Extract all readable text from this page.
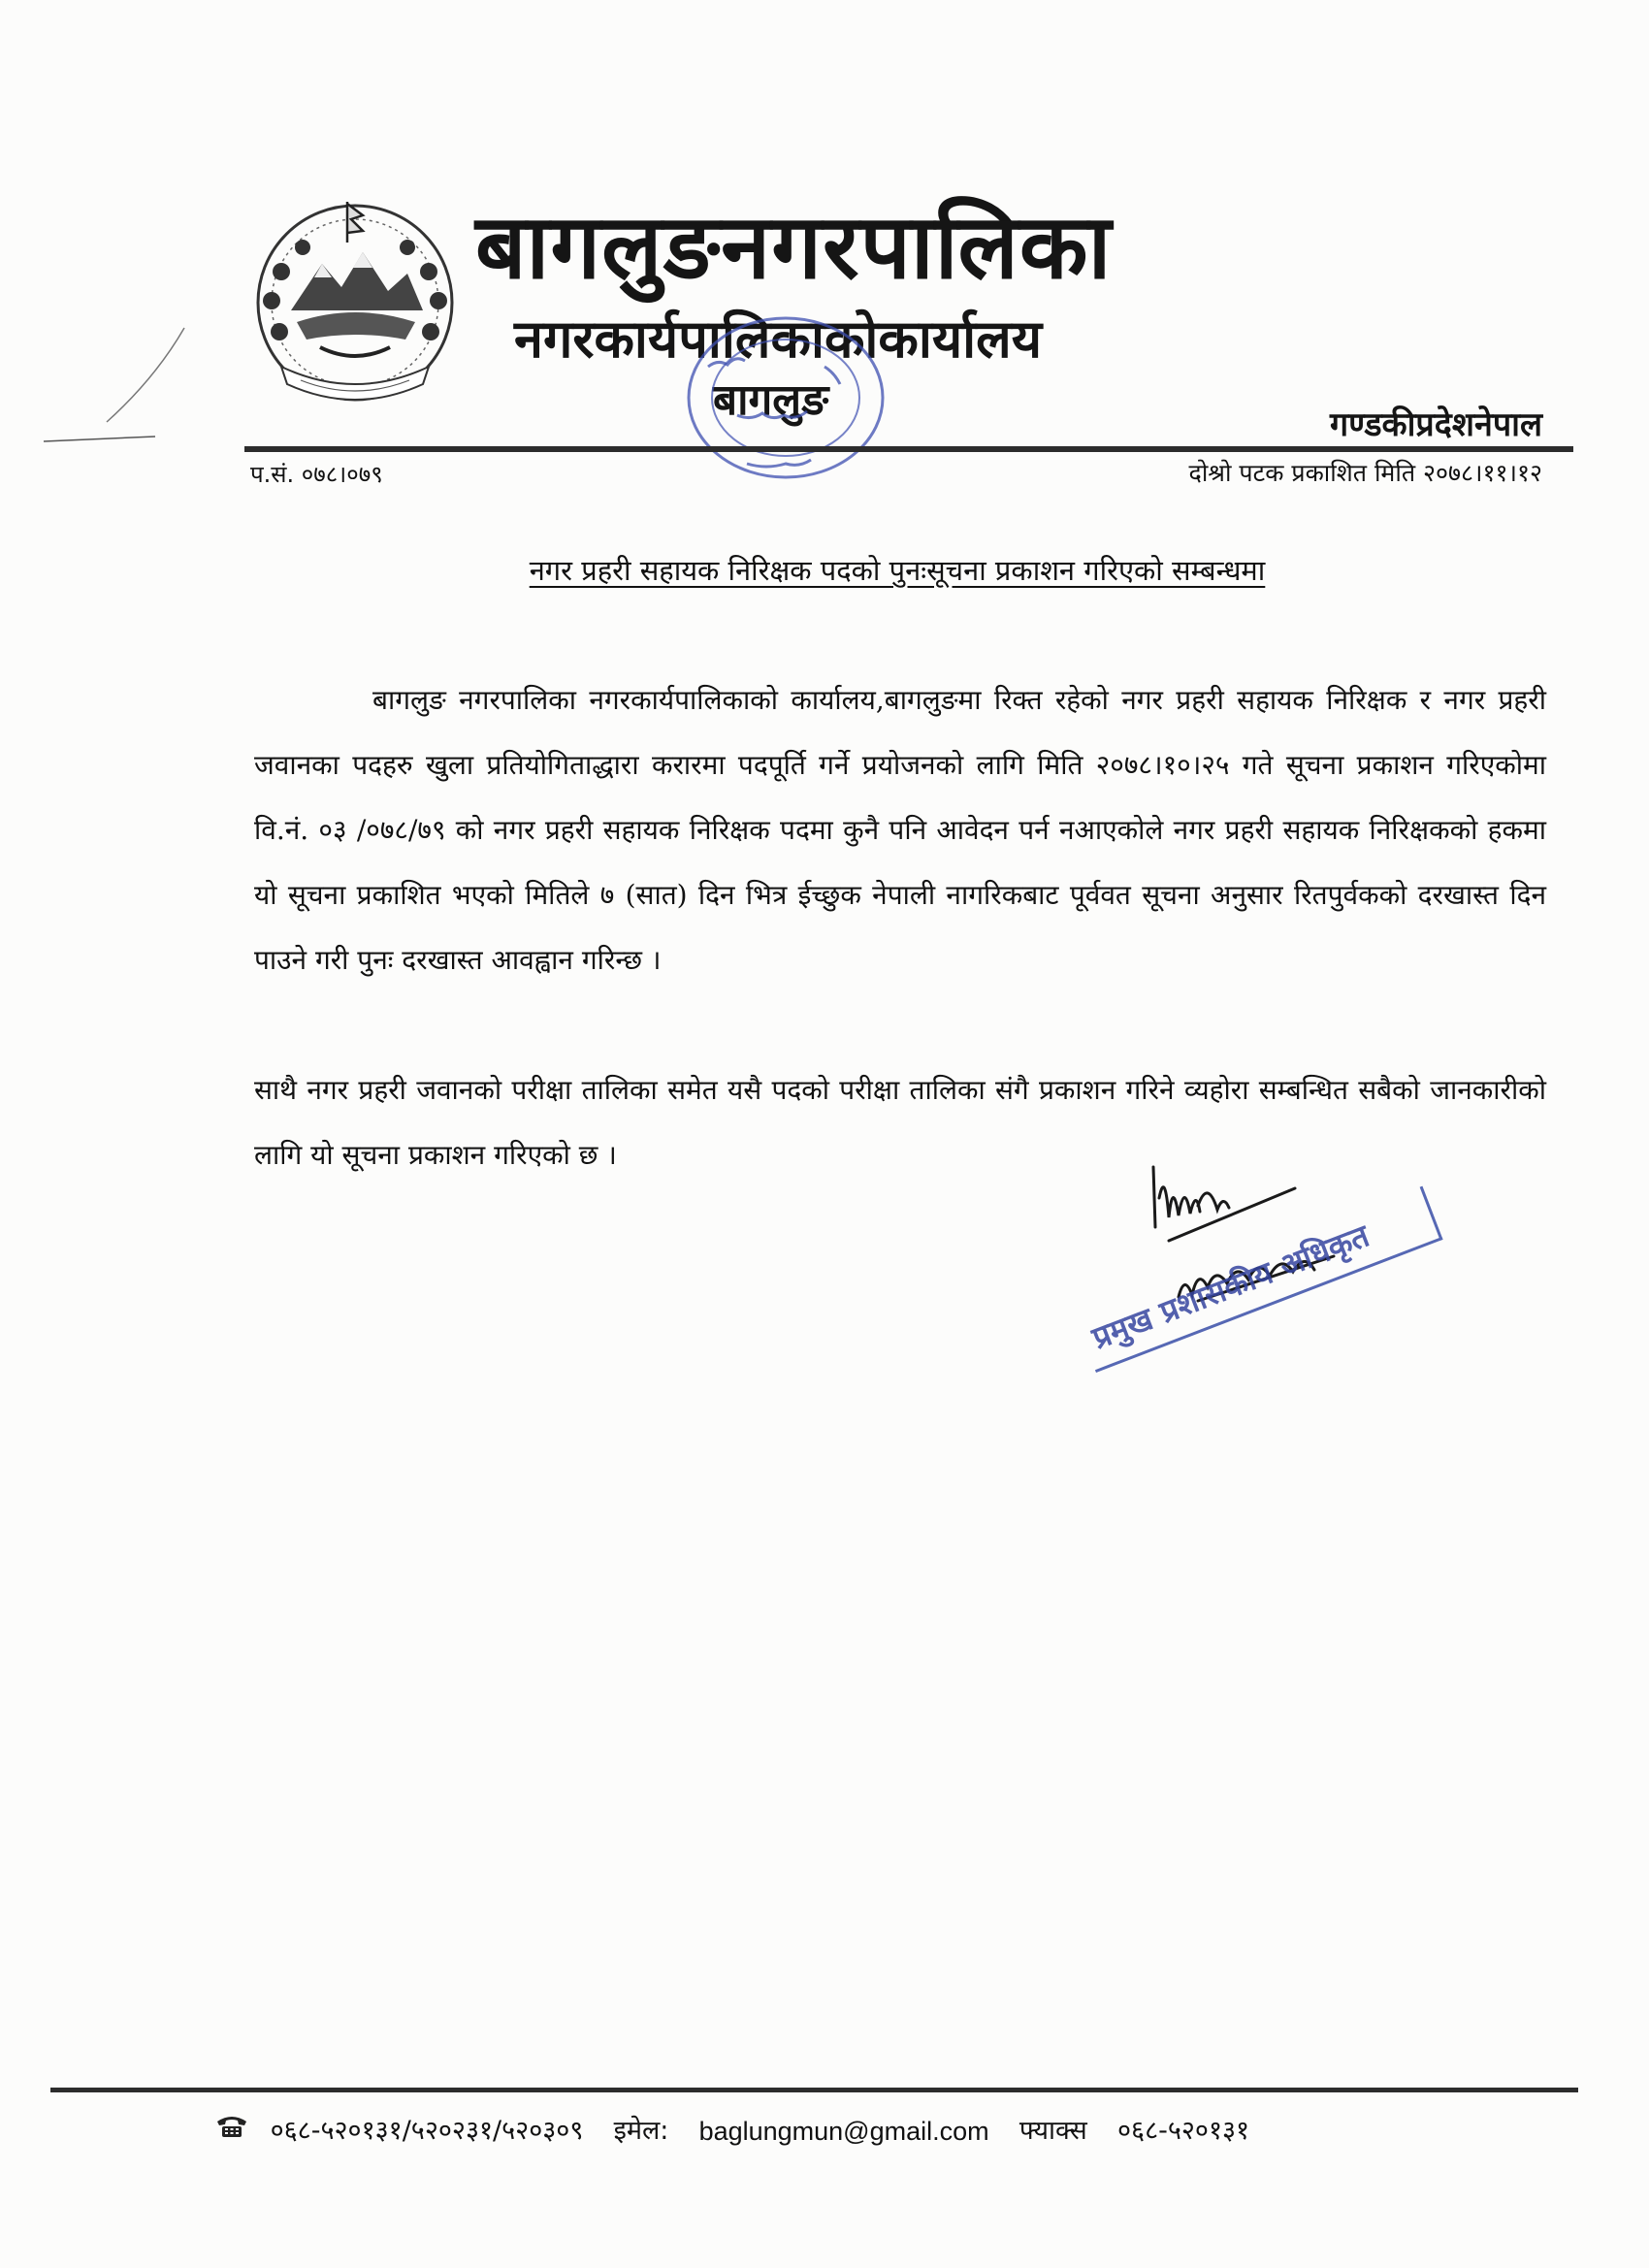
बागलुङनगरपालिका
नगरकार्यपालिकाकोकार्यालय
बागलुङ	गण्डकीप्रदेशनेपाल
प.सं. ०७८।०७९	दोश्रो पटक प्रकाशित मिति २०७८।११।१२
नगर प्रहरी सहायक निरिक्षक पदको पुनःसूचना प्रकाशन गरिएको सम्बन्धमा
बागलुङ नगरपालिका नगरकार्यपालिकाको कार्यालय,बागलुङमा रिक्त रहेको नगर प्रहरी सहायक निरिक्षक र नगर प्रहरी जवानका पदहरु खुला प्रतियोगिताद्धारा करारमा पदपूर्ति गर्ने प्रयोजनको लागि मिति २०७८।१०।२५ गते सूचना प्रकाशन गरिएकोमा वि.नं. ०३ /०७८/७९ को नगर प्रहरी सहायक निरिक्षक पदमा कुनै पनि आवेदन पर्न नआएकोले नगर प्रहरी सहायक निरिक्षकको हकमा यो सूचना प्रकाशित भएको मितिले ७ (सात) दिन भित्र ईच्छुक नेपाली नागरिकबाट पूर्ववत सूचना अनुसार रितपुर्वकको दरखास्त दिन पाउने गरी पुनः दरखास्त आवह्वान गरिन्छ ।
साथै नगर प्रहरी जवानको परीक्षा तालिका समेत यसै पदको परीक्षा तालिका संगै प्रकाशन गरिने व्यहोरा सम्बन्धित सबैको जानकारीको लागि यो सूचना प्रकाशन गरिएको छ ।
प्रमुख प्रशासकीय अधिकृत
०६८-५२०१३१/५२०२३१/५२०३०९ इमेल: baglungmun@gmail.com फ्याक्स ०६८-५२०१३१
